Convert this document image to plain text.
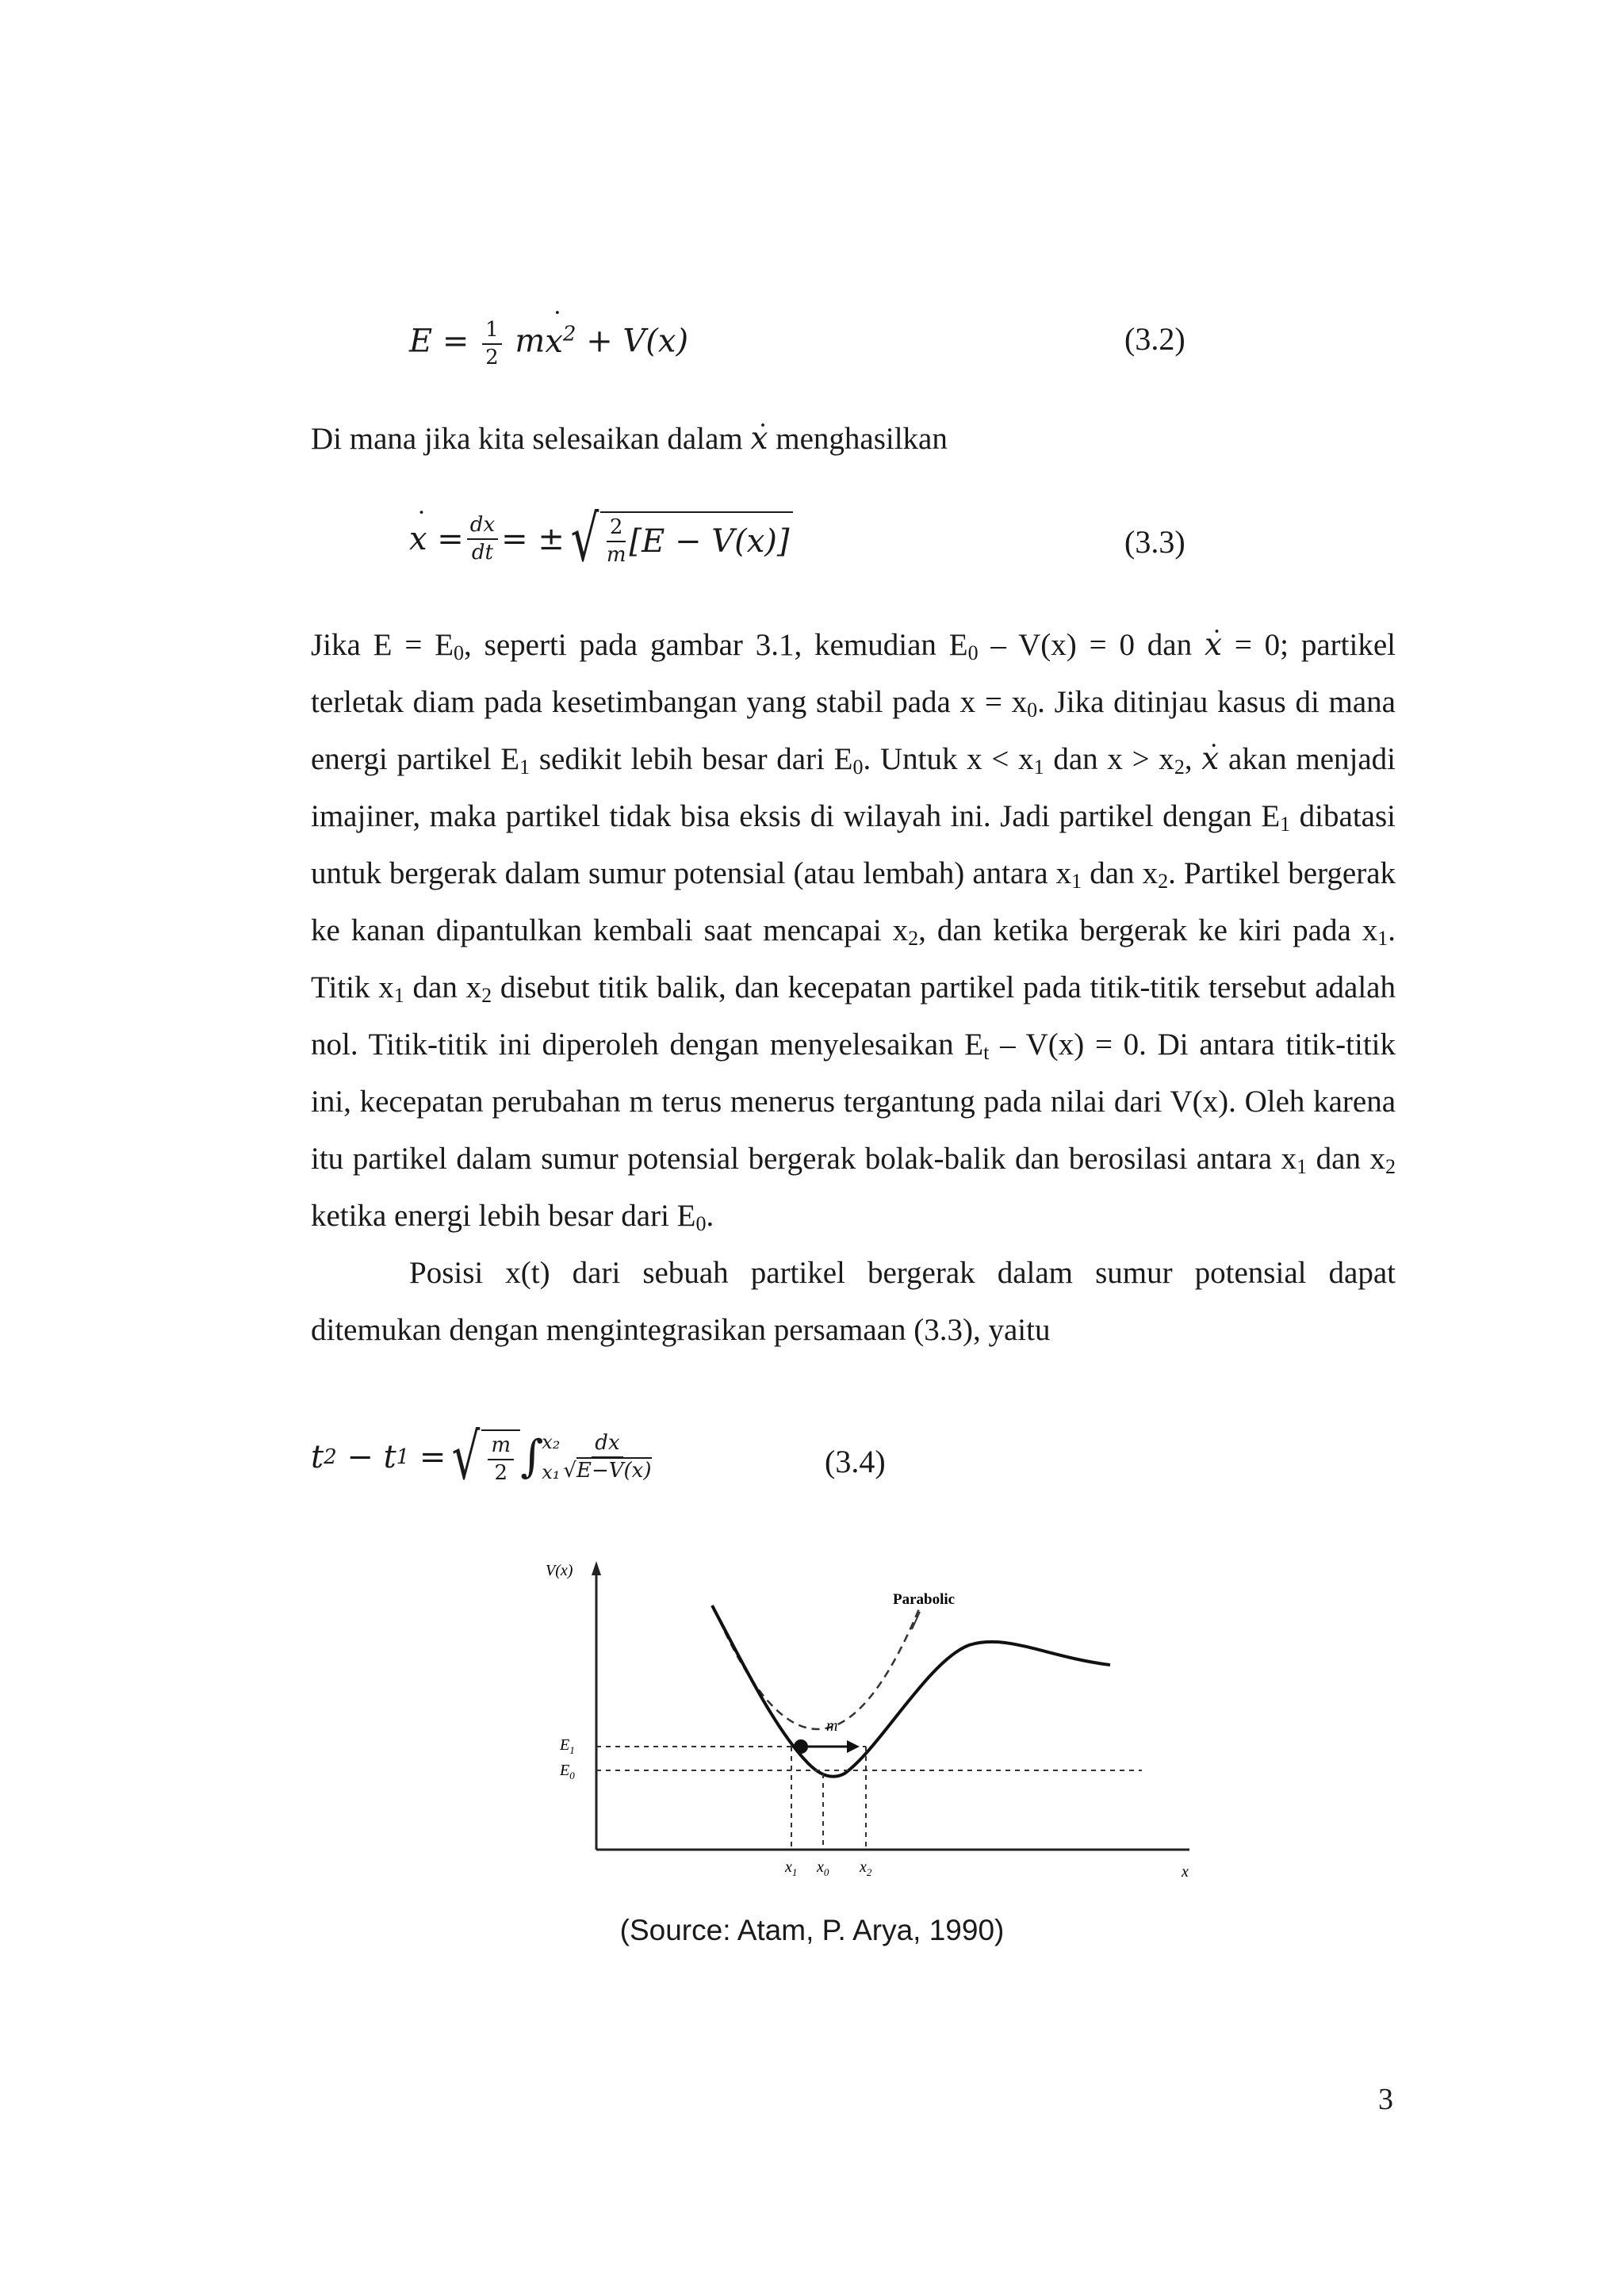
$E = \frac{1}{2}$ mx ˙$^2$ + V(x)	(3.2)
Di mana jika kita selesaikan dalam x ˙ menghasilkan
x ˙
= $\frac{dx}{dt}$ = ± √ $\frac{2}{m} [E - V(x)]$	(3.3)

Jika $E = E_0$, seperti pada gambar 3.1, kemudian $E_0 - V(x) = 0$ dan x ˙ = 0; partikel terletak diam pada kesetimbangan yang stabil pada $x = x_0$. Jika ditinjau kasus di mana energi partikel $E_1$ sedikit lebih besar dari $E_0$. Untuk $x < x_1$ dan $x > x_2$, x ˙ akan menjadi imajiner, maka partikel tidak bisa eksis di wilayah ini. Jadi partikel dengan $E_1$ dibatasi untuk bergerak dalam sumur potensial (atau lembah) antara $x_1$ dan $x_2$. Partikel bergerak ke kanan dipantulkan kembali saat mencapai $x_2$, dan ketika bergerak ke kiri pada $x_1$. Titik $x_1$ dan $x_2$ disebut titik balik, dan kecepatan partikel pada titik-titik tersebut adalah nol. Titik-titik ini diperoleh dengan menyelesaikan $E_t - V(x) = 0$. Di antara titik-titik ini, kecepatan perubahan m terus menerus tergantung pada nilai dari V(x). Oleh karena itu partikel dalam sumur potensial bergerak bolak-balik dan berosilasi antara $x_1$ dan $x_2$ ketika energi lebih besar dari $E_0$.

Posisi x(t) dari sebuah partikel bergerak dalam sumur potensial dapat ditemukan dengan mengintegrasikan persamaan (3.3), yaitu

t 2
− t 1
= √ $\frac{m}{2}$ ∫
x₂
$x_1 \frac{dx}{√E-V(x)}$	(3.4)
V(x)
x
Parabolic
$E_1$
$E_0$
$x_1$ $x_0$ $x_2$
m
(Source: Atam, P. Arya, 1990)
3
